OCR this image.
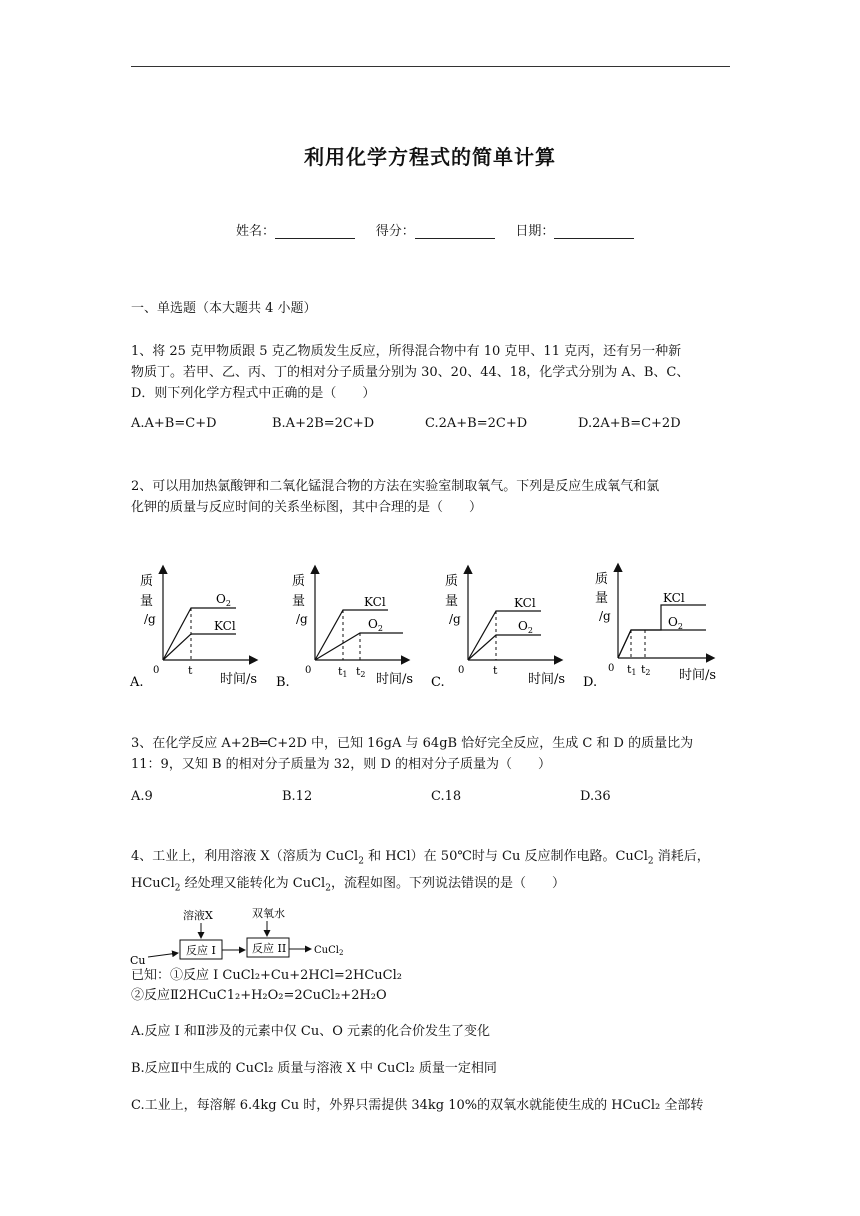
利用化学方程式的简单计算
姓名：	得分：	日期：
一、单选题（本大题共 4 小题）
1、将 25 克甲物质跟 5 克乙物质发生反应，所得混合物中有 10 克甲、11 克丙，还有另一种新
物质丁。若甲、乙、丙、丁的相对分子质量分别为 30、20、44、18，化学式分别为 A、B、C、
D．则下列化学方程式中正确的是（　　）
A.A+B=C+D	B.A+2B=2C+D	C.2A+B=2C+D	D.2A+B=C+2D
2、可以用加热氯酸钾和二氧化锰混合物的方法在实验室制取氧气。下列是反应生成氧气和氯
化钾的质量与反应时间的关系坐标图，其中合理的是（　　）
质
量
/g
0
$O_2$
KCl
t
时间/s
A.
质
量
/g
0
KCl
$O_2$
t1 t2 时间/s
B.
质
量
/g
0
KCl
$O_2$
t
时间/s
C.
质
量
/g
0
KCl
$O_2$
t1 t2 时间/s
D.
3、在化学反应 A+2B═C+2D 中，已知 16gA 与 64gB 恰好完全反应，生成 C 和 D 的质量比为
11：9，又知 B 的相对分子质量为 32，则 D 的相对分子质量为（　　）
A.9	B.12	C.18	D.36
4、工业上，利用溶液 X（溶质为 CuCl$_2$ 和 HCl）在 50℃时与 Cu 反应制作电路。CuCl$_2$ 消耗后，
HCuCl$_2$ 经处理又能转化为 CuCl$_2$，流程如图。下列说法错误的是（　　）
溶液X	双氧水
Cu
反应 I	反应 II	CuCl$_2$
已知：①反应 I CuCl₂+Cu+2HCl=2HCuCl₂
②反应Ⅱ2HCuC1₂+H₂O₂=2CuCl₂+2H₂O
A.反应 I 和Ⅱ涉及的元素中仅 Cu、O 元素的化合价发生了变化
B.反应Ⅱ中生成的 CuCl₂ 质量与溶液 X 中 CuCl₂ 质量一定相同
C.工业上，每溶解 6.4kg Cu 时，外界只需提供 34kg 10%的双氧水就能使生成的 HCuCl₂ 全部转
